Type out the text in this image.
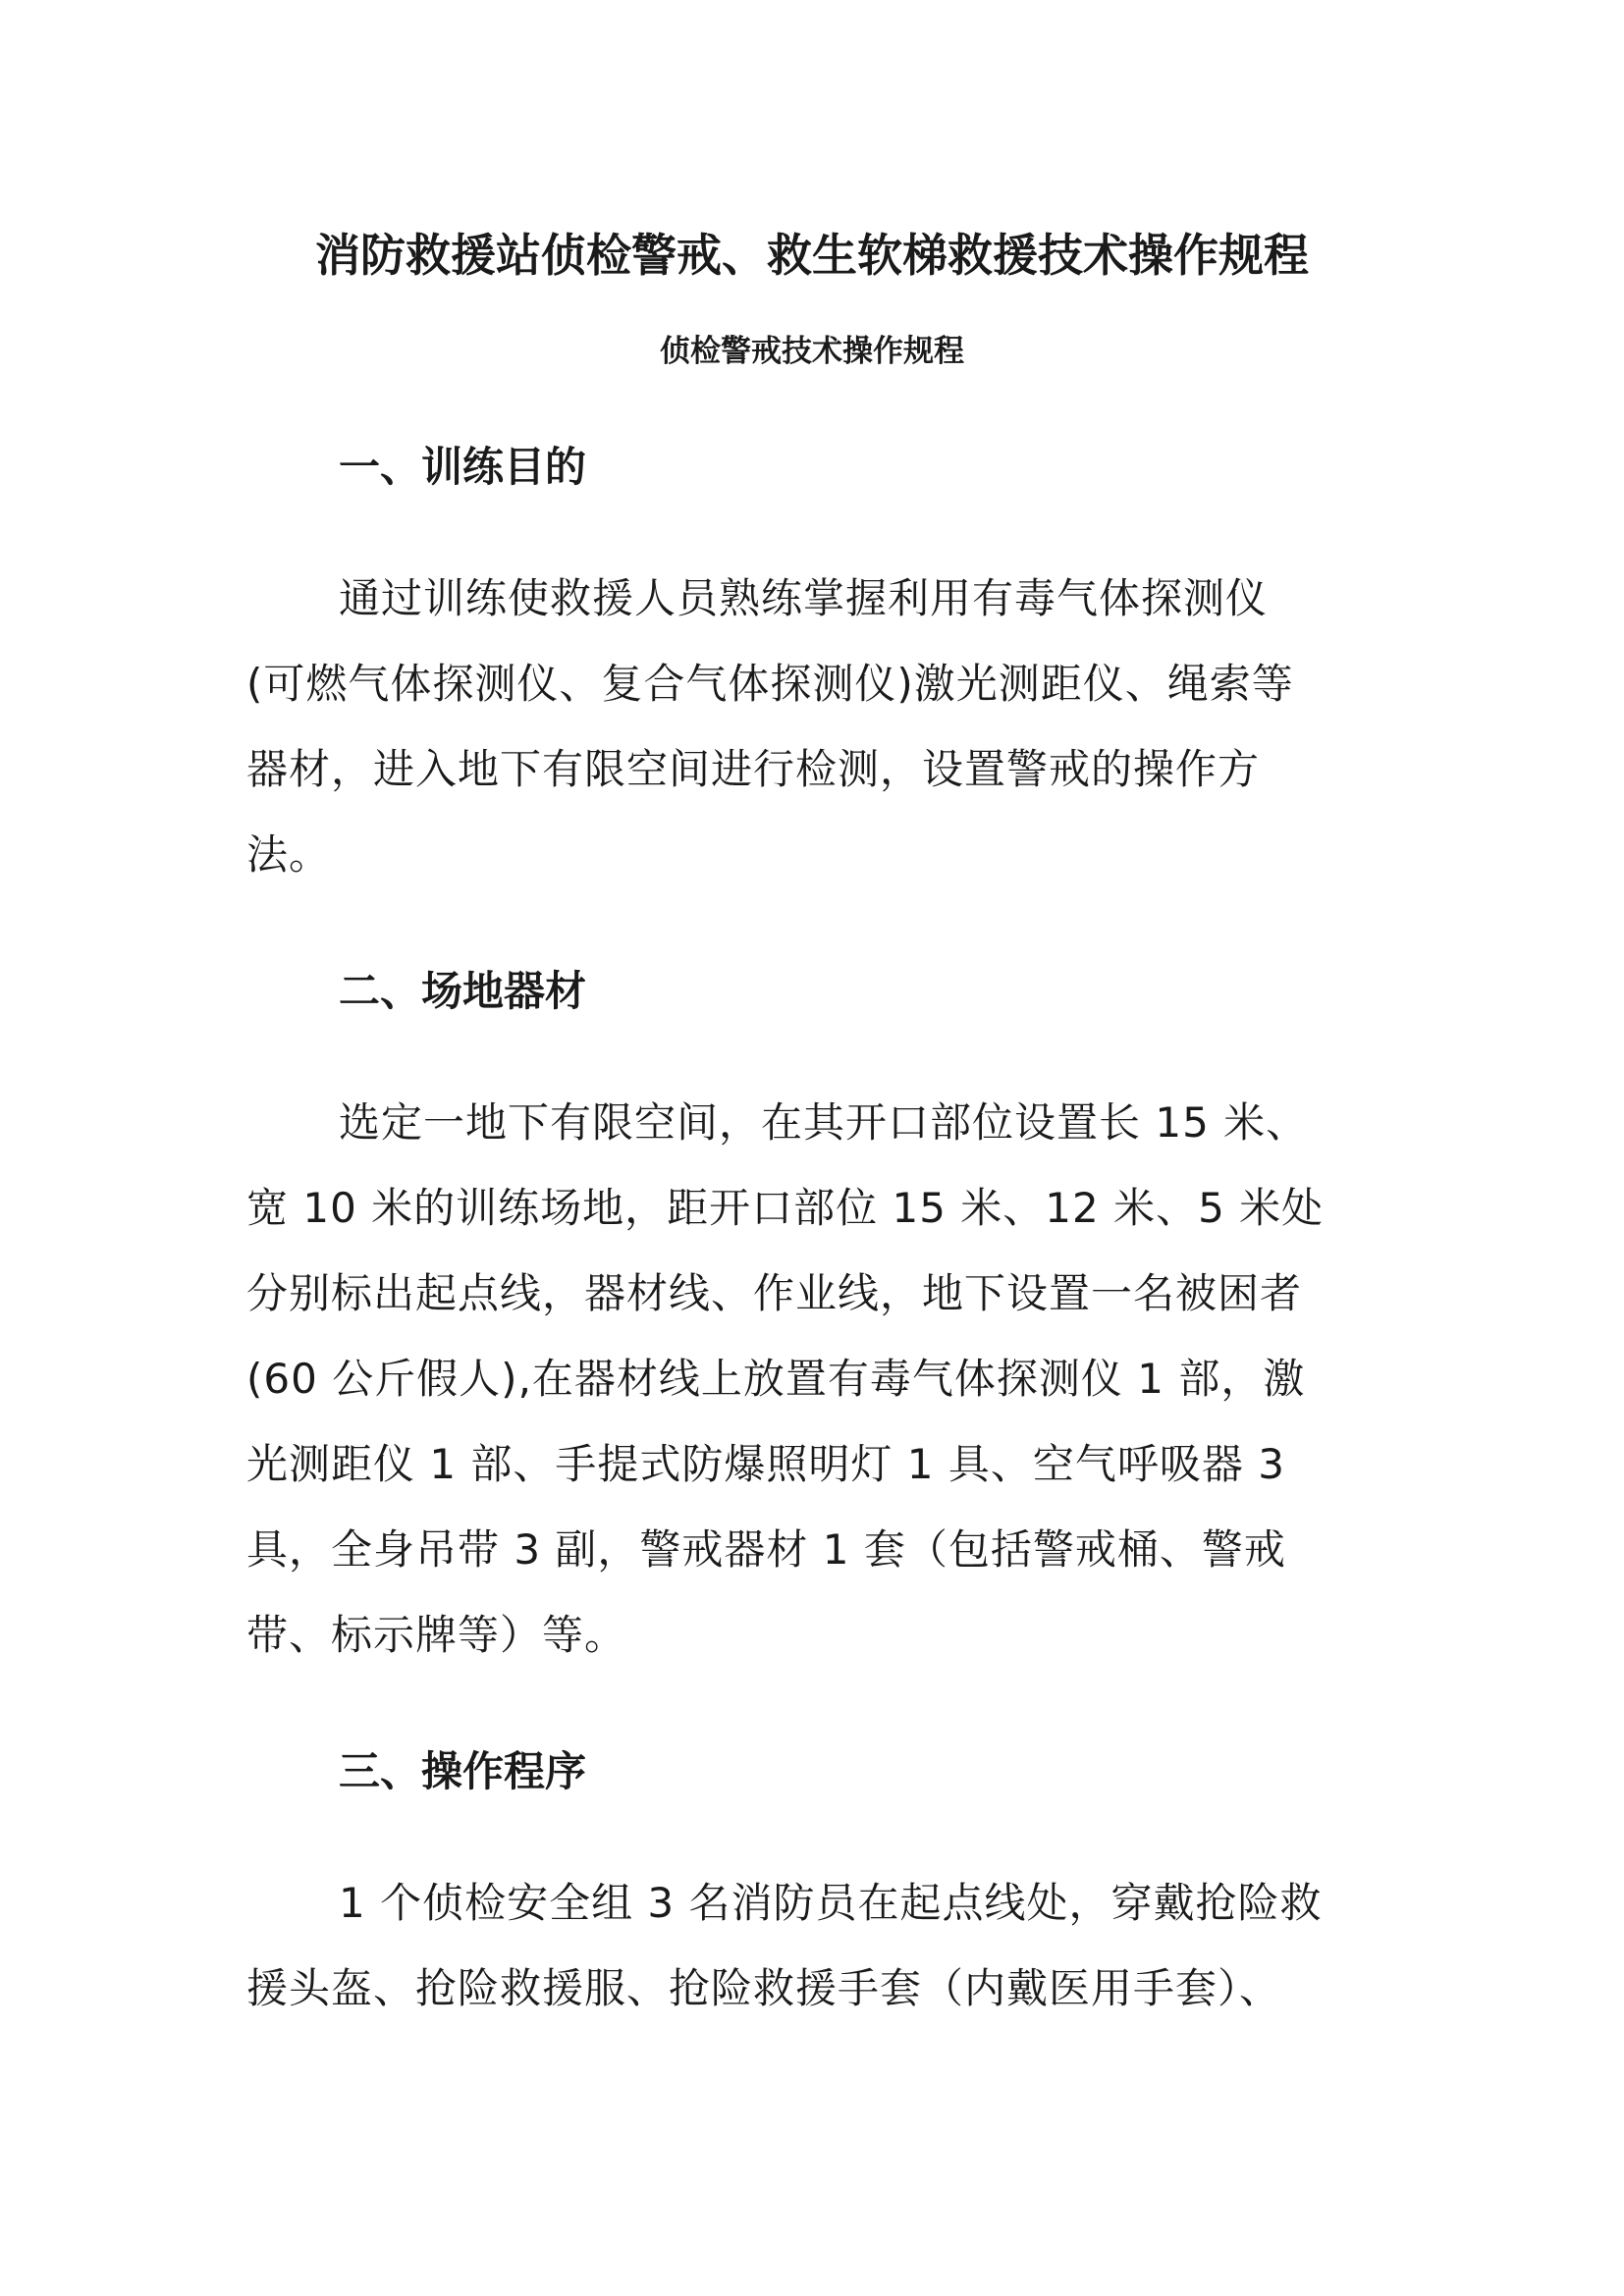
消防救援站侦检警戒、救生软梯救援技术操作规程
侦检警戒技术操作规程
一、训练目的
通过训练使救援人员熟练掌握利用有毒气体探测仪
(可燃气体探测仪、复合气体探测仪)激光测距仪、绳索等
器材，进入地下有限空间进行检测，设置警戒的操作方
法。
二、场地器材
选定一地下有限空间，在其开口部位设置长 15 米、
宽 10 米的训练场地，距开口部位 15 米、12 米、5 米处
分别标出起点线，器材线、作业线，地下设置一名被困者
(60 公斤假人),在器材线上放置有毒气体探测仪 1 部，激
光测距仪 1 部、手提式防爆照明灯 1 具、空气呼吸器 3
具，全身吊带 3 副，警戒器材 1 套（包括警戒桶、警戒
带、标示牌等）等。
三、操作程序
1 个侦检安全组 3 名消防员在起点线处，穿戴抢险救
援头盔、抢险救援服、抢险救援手套（内戴医用手套）、
